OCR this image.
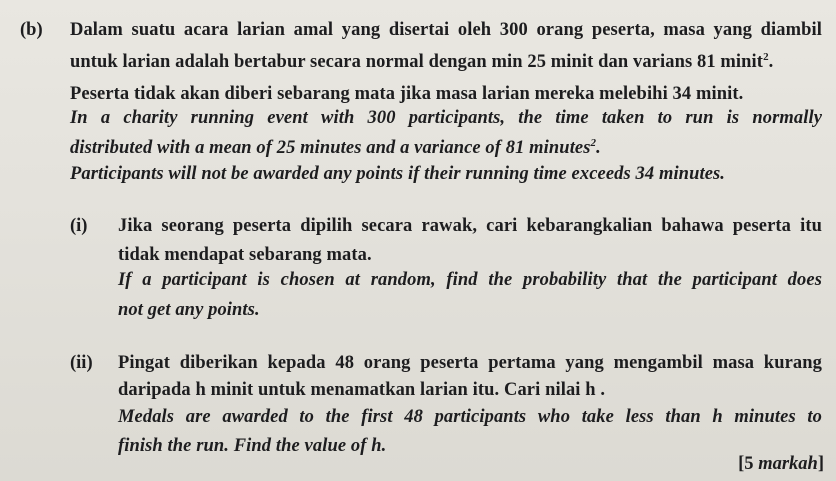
(b) Dalam suatu acara larian amal yang disertai oleh 300 orang peserta, masa yang diambil
untuk larian adalah bertabur secara normal dengan min 25 minit dan varians 81 minit$^2$.
Peserta tidak akan diberi sebarang mata jika masa larian mereka melebihi 34 minit.
In a charity running event with 300 participants, the time taken to run is normally
distributed with a mean of 25 minutes and a variance of 81 minutes$^2$.
Participants will not be awarded any points if their running time exceeds 34 minutes.
(i) Jika seorang peserta dipilih secara rawak, cari kebarangkalian bahawa peserta itu
tidak mendapat sebarang mata.
If a participant is chosen at random, find the probability that the participant does
not get any points.
(ii) Pingat diberikan kepada 48 orang peserta pertama yang mengambil masa kurang
daripada h minit untuk menamatkan larian itu. Cari nilai h .
Medals are awarded to the first 48 participants who take less than h minutes to
finish the run. Find the value of h.
[5 markah]
